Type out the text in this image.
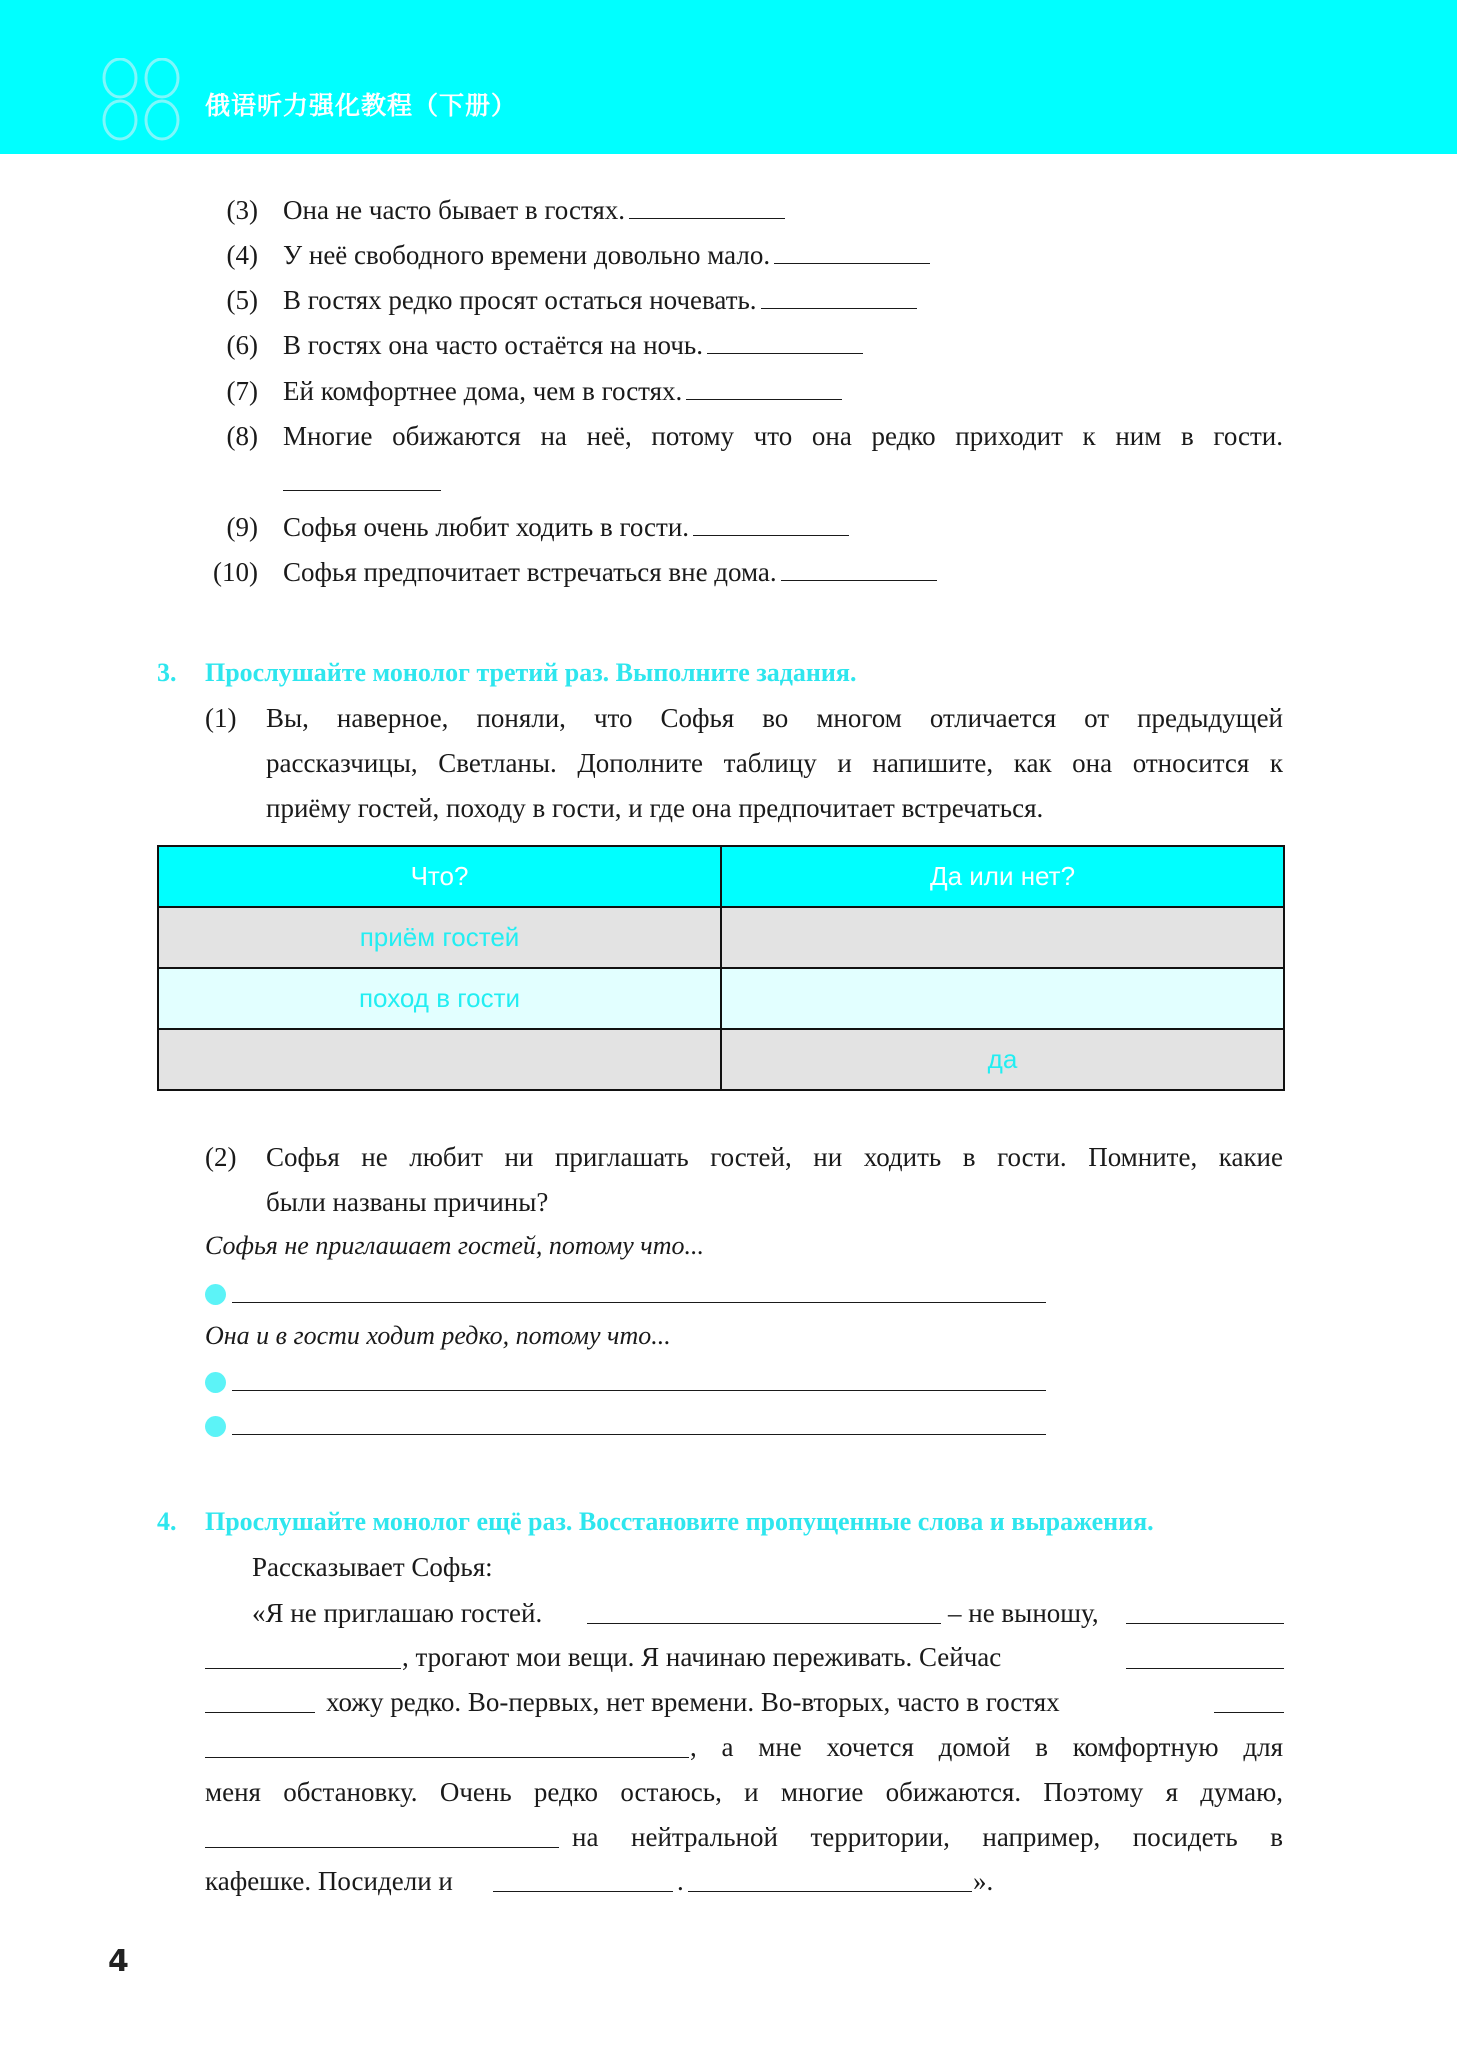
俄语听力强化教程（下册）
(3) Она не часто бывает в гостях.
(4) У неё свободного времени довольно мало.
(5) В гостях редко просят остаться ночевать.
(6) В гостях она часто остаётся на ночь.
(7) Ей комфортнее дома, чем в гостях.
(8) Многие обижаются на неё, потому что она редко приходит к ним в гости.
(9) Софья очень любит ходить в гости.
(10) Софья предпочитает встречаться вне дома.
3. Прослушайте монолог третий раз. Выполните задания.
(1) Вы, наверное, поняли, что Софья во многом отличается от предыдущей
рассказчицы, Светланы. Дополните таблицу и напишите, как она относится к
приёму гостей, походу в гости, и где она предпочитает встречаться.
Что?	Да или нет?
приём гостей	
поход в гости	
	да
(2) Софья не любит ни приглашать гостей, ни ходить в гости. Помните, какие
были названы причины?
Софья не приглашает гостей, потому что...
Она и в гости ходит редко, потому что...
4. Прослушайте монолог ещё раз. Восстановите пропущенные слова и выражения.
Рассказывает Софья:
«Я не приглашаю гостей.	– не выношу,
, трогают мои вещи. Я начинаю переживать. Сейчас
хожу редко. Во-первых, нет времени. Во-вторых, часто в гостях
, а мне хочется домой в комфортную для
меня обстановку. Очень редко остаюсь, и многие обижаются. Поэтому я думаю,
на нейтральной территории, например, посидеть в
кафешке. Посидели и	.	».
4
